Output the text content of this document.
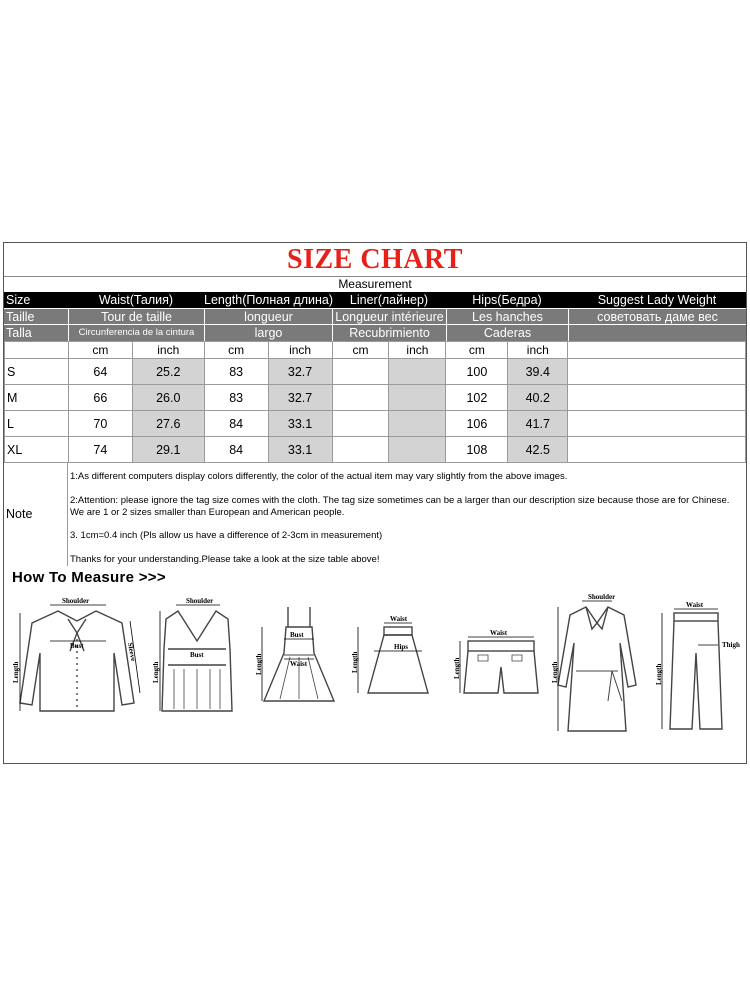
SIZE CHART
Measurement
Size	Waist(Талия)	Length(Полная длина)	Liner(лайнер)	Hips(Бедра)	Suggest Lady Weight
Taille	Tour de taille	longueur	Longueur intérieure	Les hanches	советовать даме вес
Talla	Circunferencia de la cintura	largo	Recubrimiento	Caderas
	cm	inch	cm	inch	cm	inch	cm	inch	
S	64	25.2	83	32.7			100	39.4	
M	66	26.0	83	32.7			102	40.2	
L	70	27.6	84	33.1			106	41.7	
XL	74	29.1	84	33.1			108	42.5	
Note
1:As different computers display colors differently, the color of the actual item may vary slightly from the above images.
2:Attention: please ignore the tag size comes with the cloth. The tag size sometimes can be a larger than our description size because those are for Chinese. We are 1 or 2 sizes smaller than European and American people.
3. 1cm=0.4 inch (Pls allow us have a difference of 2-3cm in measurement)
Thanks for your understanding.Please take a look at the size table above!
How To Measure >>>
Shoulder
Bust
Length
Sleeve
Shoulder
Bust
Length
Bust
Waist
Length
Waist
Hips
Length
Waist
Length
Shoulder
Length
Waist
Thigh
Length
